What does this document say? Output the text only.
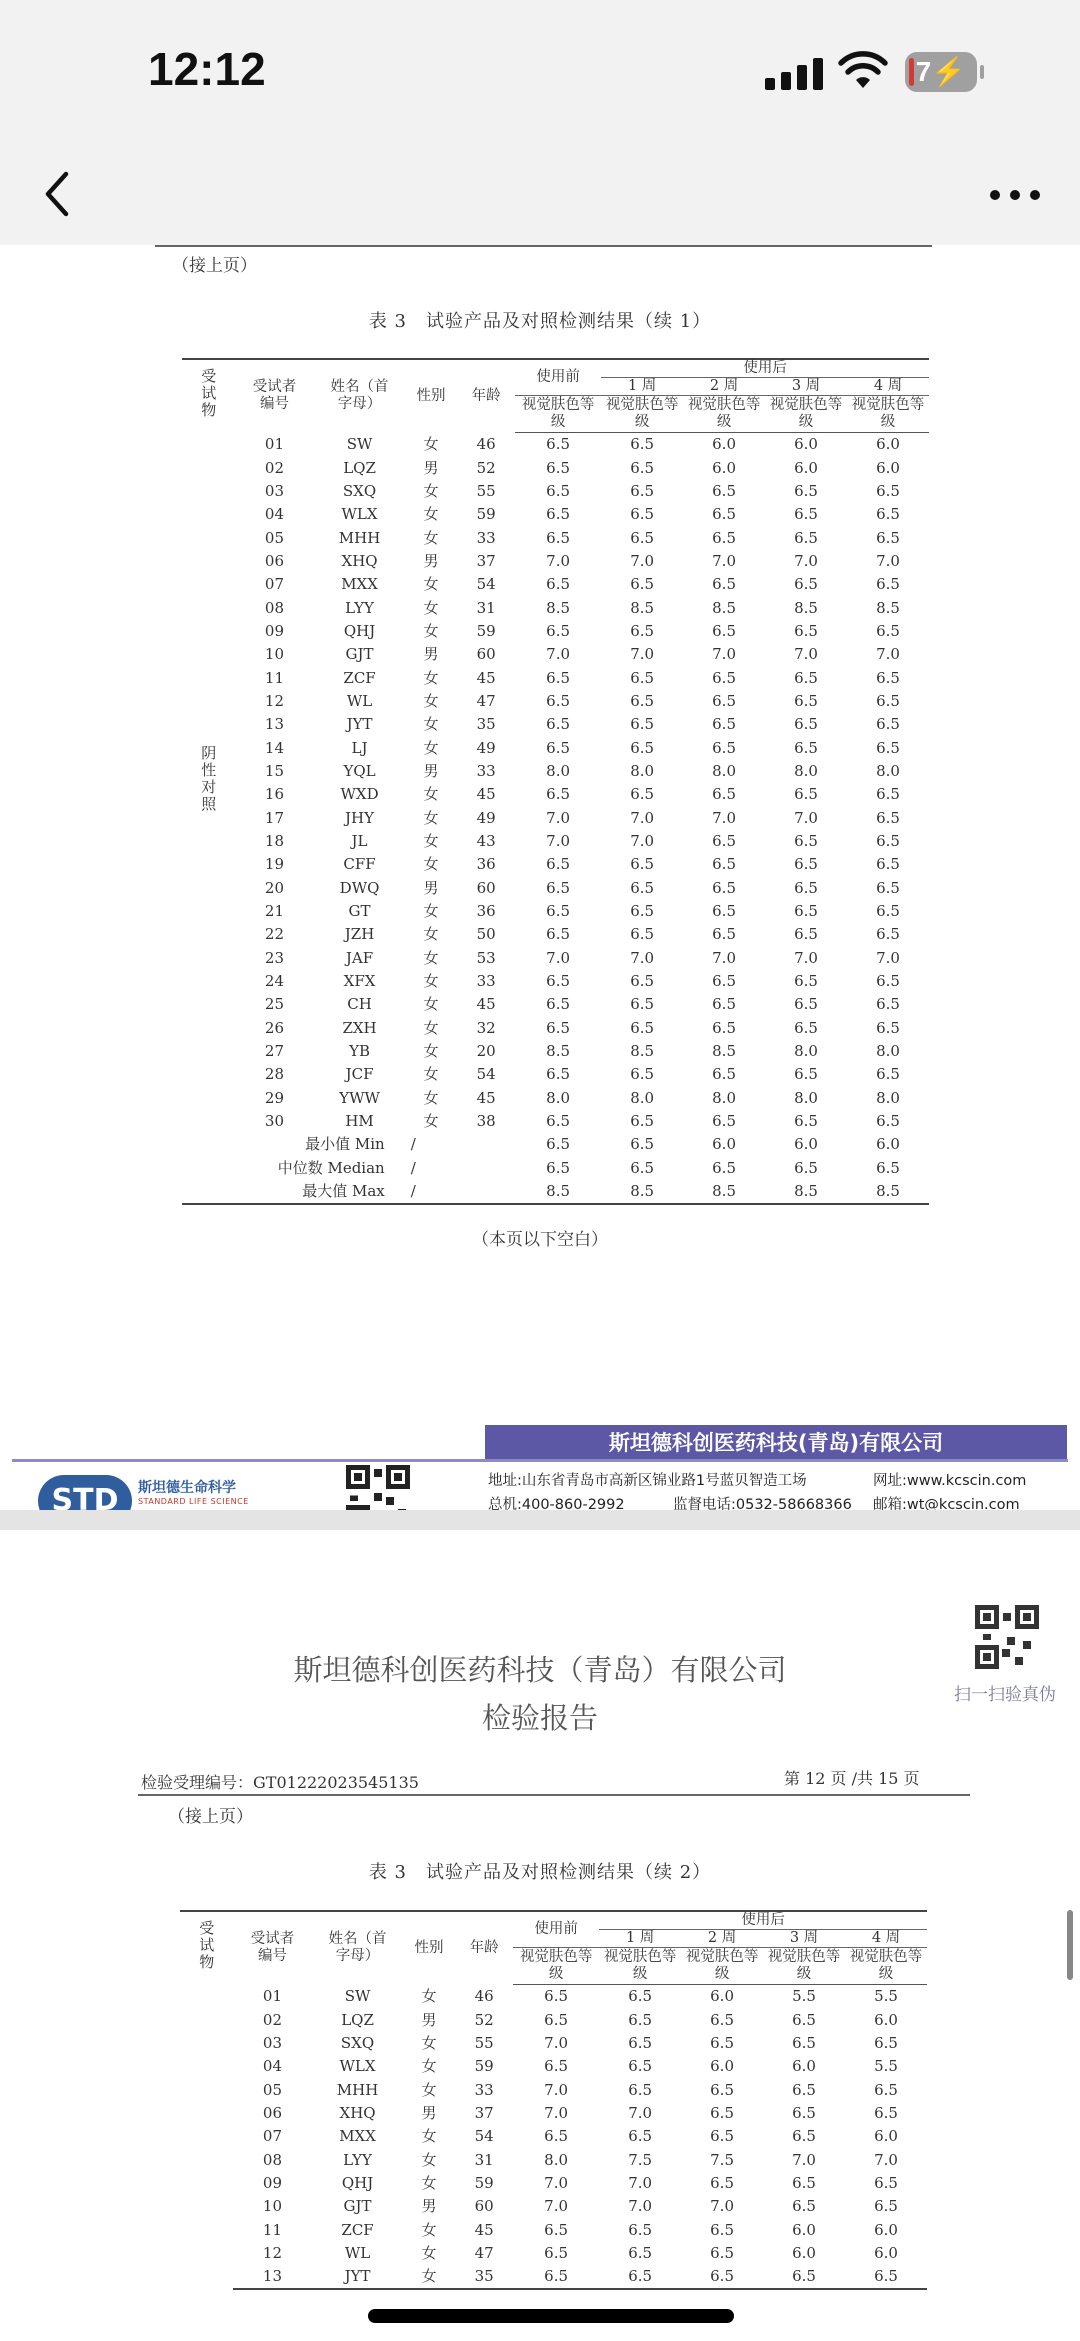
12:12	7⚡
（接上页）
表 3　试验产品及对照检测结果（续 1）
受试物	受试者编号	姓名（首字母）	性别	年龄	使用前	使用后			
						1 周	2 周	3 周	4 周
					视觉肤色等级	视觉肤色等级	视觉肤色等级	视觉肤色等级	视觉肤色等级
阴性对照	01	SW	女	46	6.5	6.5	6.0	6.0	6.0
	02	LQZ	男	52	6.5	6.5	6.0	6.0	6.0
	03	SXQ	女	55	6.5	6.5	6.5	6.5	6.5
	04	WLX	女	59	6.5	6.5	6.5	6.5	6.5
	05	MHH	女	33	6.5	6.5	6.5	6.5	6.5
	06	XHQ	男	37	7.0	7.0	7.0	7.0	7.0
	07	MXX	女	54	6.5	6.5	6.5	6.5	6.5
	08	LYY	女	31	8.5	8.5	8.5	8.5	8.5
	09	QHJ	女	59	6.5	6.5	6.5	6.5	6.5
	10	GJT	男	60	7.0	7.0	7.0	7.0	7.0
	11	ZCF	女	45	6.5	6.5	6.5	6.5	6.5
	12	WL	女	47	6.5	6.5	6.5	6.5	6.5
	13	JYT	女	35	6.5	6.5	6.5	6.5	6.5
	14	LJ	女	49	6.5	6.5	6.5	6.5	6.5
	15	YQL	男	33	8.0	8.0	8.0	8.0	8.0
	16	WXD	女	45	6.5	6.5	6.5	6.5	6.5
	17	JHY	女	49	7.0	7.0	7.0	7.0	6.5
	18	JL	女	43	7.0	7.0	6.5	6.5	6.5
	19	CFF	女	36	6.5	6.5	6.5	6.5	6.5
	20	DWQ	男	60	6.5	6.5	6.5	6.5	6.5
	21	GT	女	36	6.5	6.5	6.5	6.5	6.5
	22	JZH	女	50	6.5	6.5	6.5	6.5	6.5
	23	JAF	女	53	7.0	7.0	7.0	7.0	7.0
	24	XFX	女	33	6.5	6.5	6.5	6.5	6.5
	25	CH	女	45	6.5	6.5	6.5	6.5	6.5
	26	ZXH	女	32	6.5	6.5	6.5	6.5	6.5
	27	YB	女	20	8.5	8.5	8.5	8.0	8.0
	28	JCF	女	54	6.5	6.5	6.5	6.5	6.5
	29	YWW	女	45	8.0	8.0	8.0	8.0	8.0
	30	HM	女	38	6.5	6.5	6.5	6.5	6.5
最小值 Min			/		6.5	6.5	6.0	6.0	6.0
中位数 Median			/		6.5	6.5	6.5	6.5	6.5
最大值 Max			/		8.5	8.5	8.5	8.5	8.5
（本页以下空白）
斯坦德科创医药科技(青岛)有限公司
STD	斯坦德生命科学
STANDARD LIFE SCIENCE
地址:山东省青岛市高新区锦业路1号蓝贝智造工场	网址:www.kcscin.com
总机:400-860-2992	监督电话:0532-58668366 邮箱:wt@kcscin.com
扫一扫验真伪
斯坦德科创医药科技（青岛）有限公司
检验报告
检验受理编号：GT01222023545135	第 12 页 /共 15 页
（接上页）
表 3　试验产品及对照检测结果（续 2）
受试物	受试者编号	姓名（首字母）	性别	年龄	使用前	使用后			
						1 周	2 周	3 周	4 周
					视觉肤色等级	视觉肤色等级	视觉肤色等级	视觉肤色等级	视觉肤色等级
	01	SW	女	46	6.5	6.5	6.0	5.5	5.5
	02	LQZ	男	52	6.5	6.5	6.5	6.5	6.0
	03	SXQ	女	55	7.0	6.5	6.5	6.5	6.5
	04	WLX	女	59	6.5	6.5	6.0	6.0	5.5
	05	MHH	女	33	7.0	6.5	6.5	6.5	6.5
	06	XHQ	男	37	7.0	7.0	6.5	6.5	6.5
	07	MXX	女	54	6.5	6.5	6.5	6.5	6.0
	08	LYY	女	31	8.0	7.5	7.5	7.0	7.0
	09	QHJ	女	59	7.0	7.0	6.5	6.5	6.5
	10	GJT	男	60	7.0	7.0	7.0	6.5	6.5
	11	ZCF	女	45	6.5	6.5	6.5	6.0	6.0
	12	WL	女	47	6.5	6.5	6.5	6.0	6.0
	13	JYT	女	35	6.5	6.5	6.5	6.5	6.5
